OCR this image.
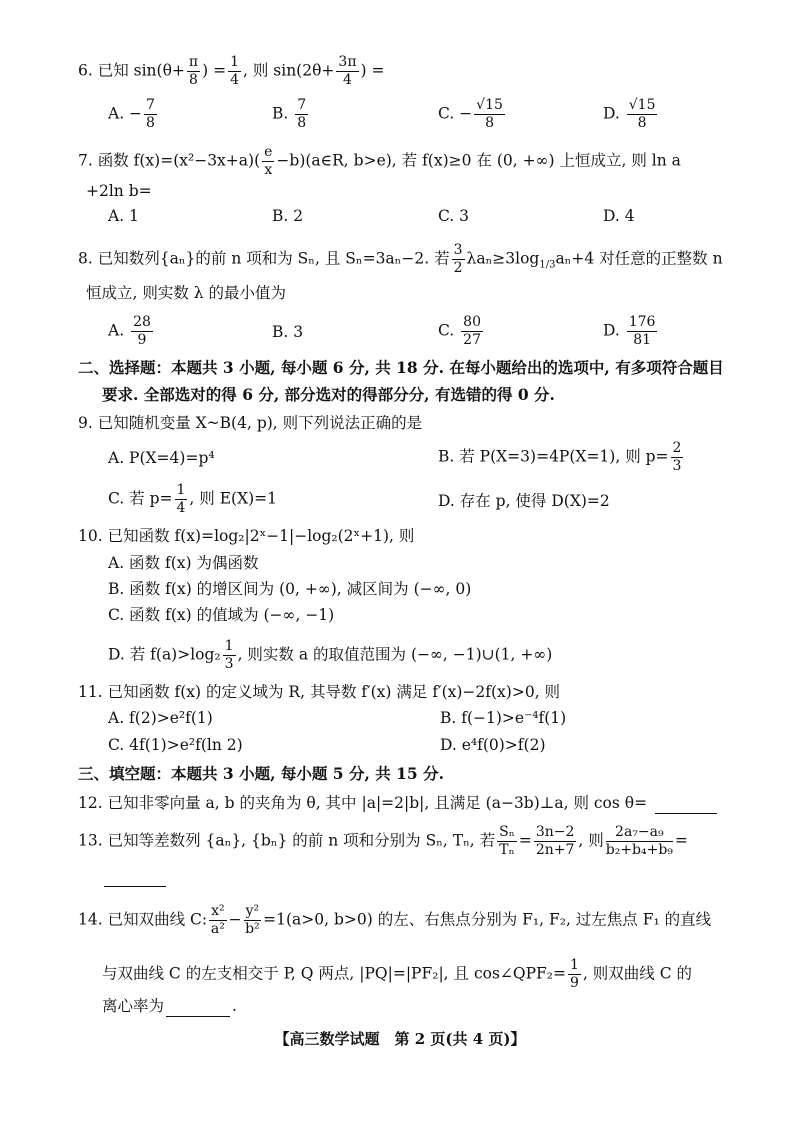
6. 已知 $\sin(\theta+ \frac{\pi}{8}$ ) = $\frac{1}{4}$ , 则 $\sin(2\theta+ \frac{3\pi}{4}$ ) =
A. − $\frac{7}{8}$	B. $\frac{7}{8}$	C. − $\frac{√15}{8}$	D. $\frac{√15}{8}$
7. 函数 $f(x)=(x^2-3x+a)( \frac{e}{x}$ −b)(a∈R, b>e), 若 f(x)≥0 在 (0, +∞) 上恒成立, 则 ln a
+2ln b=
A. 1	B. 2	C. 3	D. 4
8. 已知数列{aₙ}的前 n 项和为 Sₙ, 且 Sₙ=3aₙ−2. 若 $\frac{3}{2} \lambda a_n\ge 3\log_{1/3}a_n+4$ 对任意的正整数 n
恒成立, 则实数 λ 的最小值为
A. $\frac{28}{9}$	B. 3	C. $\frac{80}{27}$	D. $\frac{176}{81}$
二、选择题：本题共 3 小题, 每小题 6 分, 共 18 分. 在每小题给出的选项中, 有多项符合题目
要求. 全部选对的得 6 分, 部分选对的得部分分, 有选错的得 0 分.
9. 已知随机变量 X~B(4, p), 则下列说法正确的是
A. P(X=4)=p⁴	B. 若 P(X=3)=4P(X=1), 则 $p= \frac{2}{3}$
C. 若 $p= \frac{1}{4}$ , 则 E(X)=1	D. 存在 p, 使得 D(X)=2
10. 已知函数 f(x)=log₂|2ˣ−1|−log₂(2ˣ+1), 则
A. 函数 f(x) 为偶函数
B. 函数 f(x) 的增区间为 (0, +∞), 减区间为 (−∞, 0)
C. 函数 f(x) 的值域为 (−∞, −1)
D. 若 $f(a)>\log_2 \frac{1}{3}$ , 则实数 a 的取值范围为 (−∞, −1)∪(1, +∞)
11. 已知函数 f(x) 的定义域为 R, 其导数 f′(x) 满足 f′(x)−2f(x)>0, 则
A. f(2)>e²f(1)	B. f(−1)>e⁻⁴f(1)
C. 4f(1)>e²f(ln 2)	D. e⁴f(0)>f(2)
三、填空题：本题共 3 小题, 每小题 5 分, 共 15 分.
12. 已知非零向量 a, b 的夹角为 θ, 其中 |a|=2|b|, 且满足 (a−3b)⊥a, 则 cos θ=
13. 已知等差数列 {aₙ}, {bₙ} 的前 n 项和分别为 Sₙ, Tₙ, 若 $\frac{\text{Sₙ}}{\text{Tₙ}} = \frac{3n-2}{2n+7}$ , 则 $\frac{\text{2a₇−a₉}}{\text{b₂+b₄+b₉}}$ =
14. 已知双曲线 C: $\frac{\text{x²}}{\text{a²}} - \frac{\text{y²}}{\text{b²}} =1(a>0$, b>0) 的左、右焦点分别为 F₁, F₂, 过左焦点 F₁ 的直线
与双曲线 C 的左支相交于 P, Q 两点, |PQ|=|PF₂|, 且 cos∠QPF₂= $\frac{1}{9}$ , 则双曲线 C 的
离心率为	.
【高三数学试题　第 2 页(共 4 页)】
